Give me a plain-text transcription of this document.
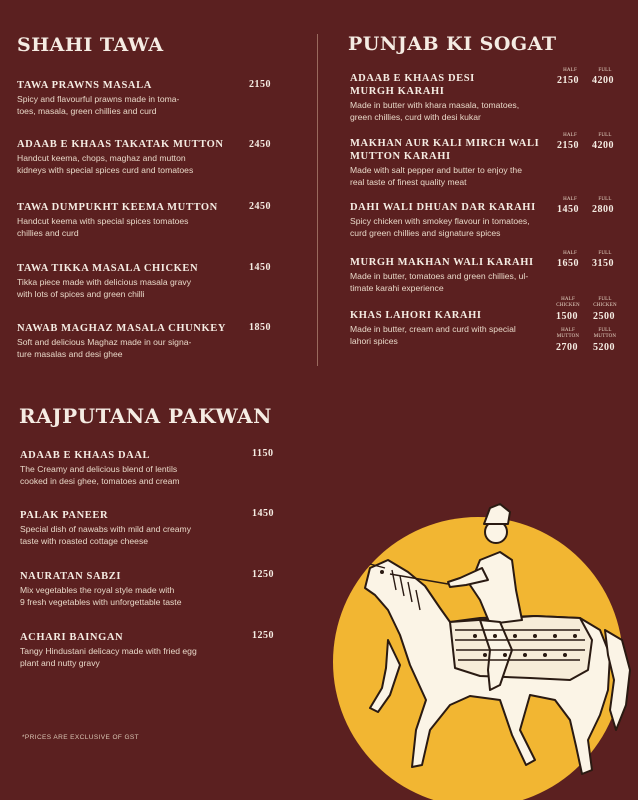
SHAHI TAWA
TAWA PRAWNS MASALA
Spicy and flavourful prawns made in toma-
toes, masala, green chillies and curd
2150
ADAAB E KHAAS TAKATAK MUTTON
Handcut keema, chops, maghaz and mutton
kidneys with special spices curd and tomatoes
2450
TAWA DUMPUKHT KEEMA MUTTON
Handcut keema with special spices tomatoes
chillies and curd
2450
TAWA TIKKA MASALA CHICKEN
Tikka piece made with delicious masala gravy
with lots of spices and green chilli
1450
NAWAB MAGHAZ MASALA CHUNKEY
Soft and delicious Maghaz made in our signa-
ture masalas and desi ghee
1850
PUNJAB KI SOGAT
ADAAB E KHAAS DESI
MURGH KARAHI
Made in butter with khara masala, tomatoes,
green chillies, curd with desi kukar
HALF	FULL
2150 4200
MAKHAN AUR KALI MIRCH WALI
MUTTON KARAHI
Made with salt pepper and butter to enjoy the
real taste of finest quality meat
HALF	FULL
2150 4200
DAHI WALI DHUAN DAR KARAHI
Spicy chicken with smokey flavour in tomatoes,
curd green chillies and signature spices
HALF	FULL
1450 2800
MURGH MAKHAN WALI KARAHI
Made in butter, tomatoes and green chillies, ul-
timate karahi experience
HALF	FULL
1650 3150
KHAS LAHORI KARAHI
Made in butter, cream and curd with special
lahori spices
HALF
CHICKEN
FULL
CHICKEN
1500 2500
HALF
MUTTON
FULL
MUTTON
2700 5200
RAJPUTANA PAKWAN
ADAAB E KHAAS DAAL
The Creamy and delicious blend of lentils
cooked in desi ghee, tomatoes and cream
1150
PALAK PANEER
Special dish of nawabs with mild and creamy
taste with roasted cottage cheese
1450
NAURATAN SABZI
Mix vegetables the royal style made with
9 fresh vegetables with unforgettable taste
1250
ACHARI BAINGAN
Tangy Hindustani delicacy made with fried egg
plant and nutty gravy
1250
*PRICES ARE EXCLUSIVE OF GST
